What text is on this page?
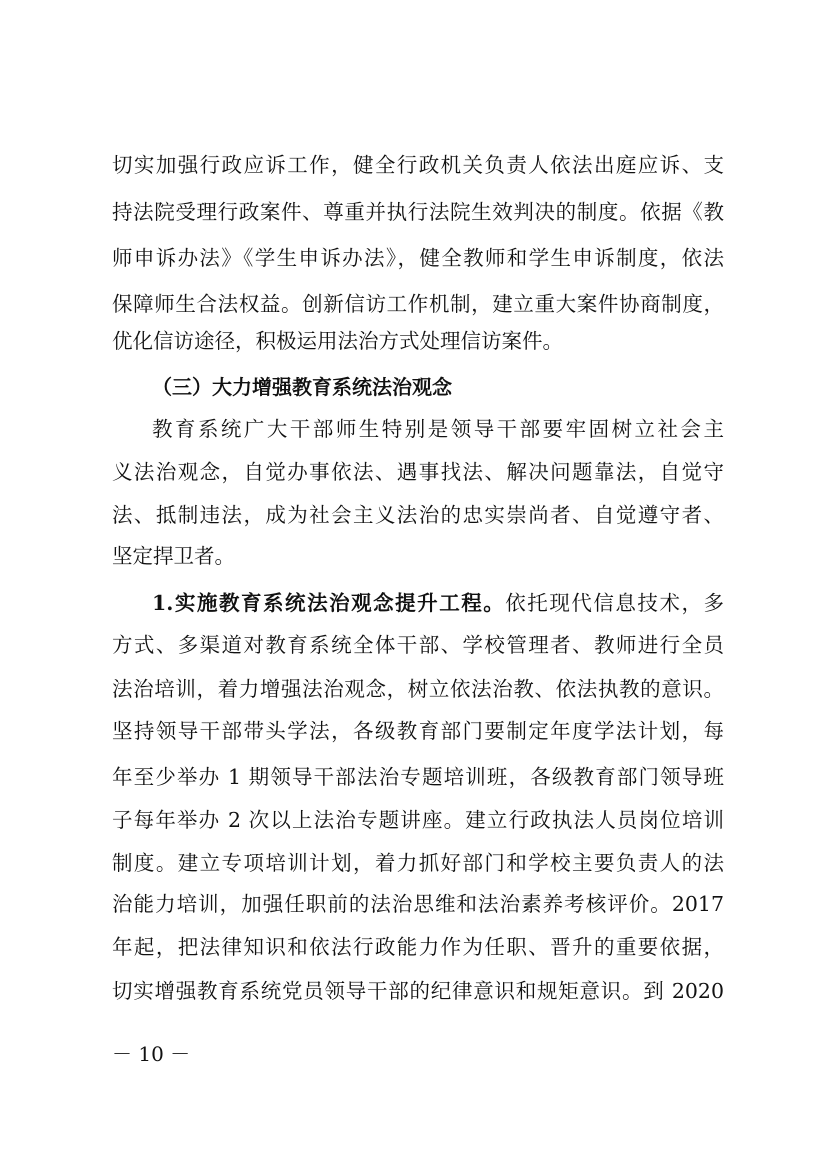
切实加强行政应诉工作，健全行政机关负责人依法出庭应诉、支
持法院受理行政案件、尊重并执行法院生效判决的制度。依据《教
师申诉办法》《学生申诉办法》，健全教师和学生申诉制度，依法
保障师生合法权益。创新信访工作机制，建立重大案件协商制度，
优化信访途径，积极运用法治方式处理信访案件。
（三）大力增强教育系统法治观念
教育系统广大干部师生特别是领导干部要牢固树立社会主
义法治观念，自觉办事依法、遇事找法、解决问题靠法，自觉守
法、抵制违法，成为社会主义法治的忠实崇尚者、自觉遵守者、
坚定捍卫者。
1.实施教育系统法治观念提升工程。依托现代信息技术，多
方式、多渠道对教育系统全体干部、学校管理者、教师进行全员
法治培训，着力增强法治观念，树立依法治教、依法执教的意识。
坚持领导干部带头学法，各级教育部门要制定年度学法计划，每
年至少举办 1 期领导干部法治专题培训班，各级教育部门领导班
子每年举办 2 次以上法治专题讲座。建立行政执法人员岗位培训
制度。建立专项培训计划，着力抓好部门和学校主要负责人的法
治能力培训，加强任职前的法治思维和法治素养考核评价。2017
年起，把法律知识和依法行政能力作为任职、晋升的重要依据，
切实增强教育系统党员领导干部的纪律意识和规矩意识。到 2020
－ 10 －
